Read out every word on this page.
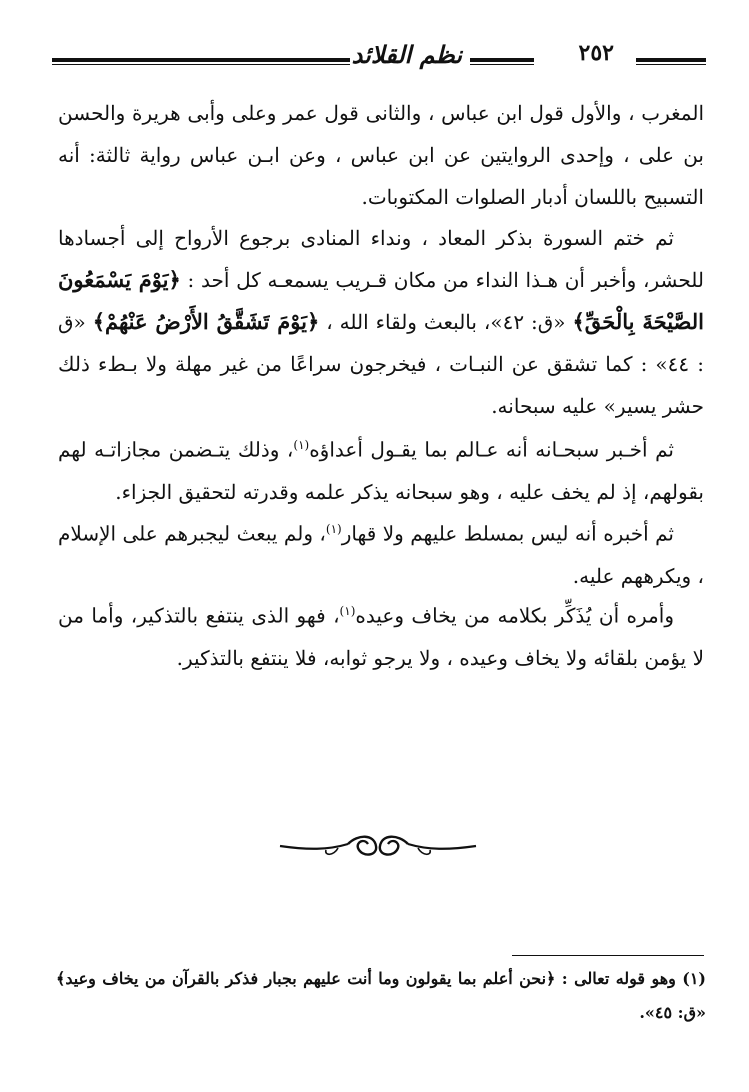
٢٥٢
نظم القلائد

المغرب ، والأول قول ابن عباس ، والثانى قول عمر وعلى وأبى هريرة والحسن بن على ، وإحدى الروايتين عن ابن عباس ، وعن ابـن عباس رواية ثالثة: أنه التسبيح باللسان أدبار الصلوات المكتوبات.

ثم ختم السورة بذكر المعاد ، ونداء المنادى برجوع الأرواح إلى أجسادها للحشر، وأخبر أن هـذا النداء من مكان قـريب يسمعـه كل أحد : ﴿يَوْمَ يَسْمَعُونَ الصَّيْحَةَ بِالْحَقِّ﴾ «ق: ٤٢»، بالبعث ولقاء الله ، ﴿يَوْمَ تَشَقَّقُ الأَرْضُ عَنْهُمْ﴾ «ق : ٤٤» : كما تشقق عن النبـات ، فيخرجون سراعًا من غير مهلة ولا بـطء ذلك حشر يسير» عليه سبحانه.

ثم أخـبر سبحـانه أنه عـالم بما يقـول أعداؤه$^{(١)}$، وذلك يتـضمن مجازاتـه لهم بقولهم، إذ لم يخف عليه ، وهو سبحانه يذكر علمه وقدرته لتحقيق الجزاء.

ثم أخبره أنه ليس بمسلط عليهم ولا قهار$^{(١)}$، ولم يبعث ليجبرهم على الإسلام ، ويكرههم عليه.

وأمره أن يُذَكِّر بكلامه من يخاف وعيده$^{(١)}$، فهو الذى ينتفع بالتذكير، وأما من لا يؤمن بلقائه ولا يخاف وعيده ، ولا يرجو ثوابه، فلا ينتفع بالتذكير.

(١) وهو قوله تعالى : ﴿نحن أعلم بما يقولون وما أنت عليهم بجبار فذكر بالقرآن من يخاف وعيد﴾ «ق: ٤٥».
